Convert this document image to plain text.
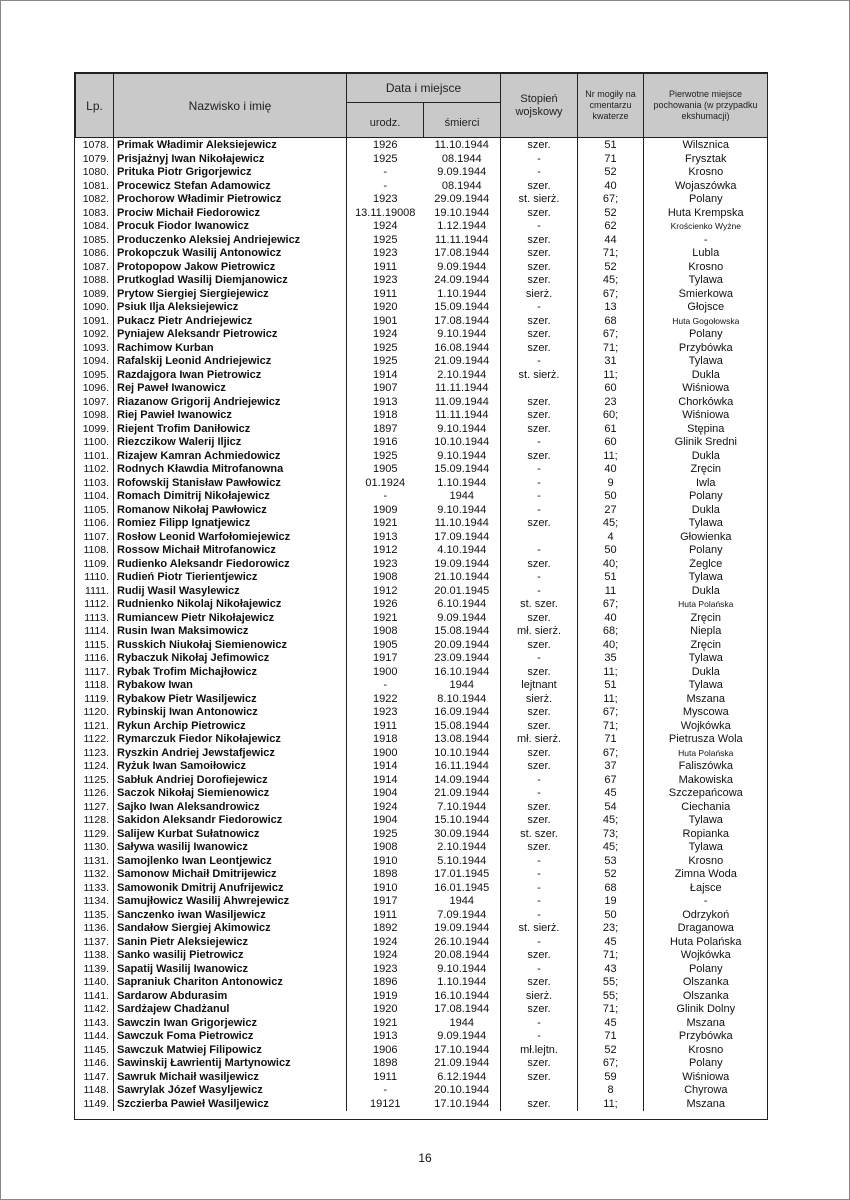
Lp.	Nazwisko i imię	Data i miejsce		Stopień wojskowy	Nr mogiły na cmentarzu kwaterze	Pierwotne miejsce pochowania (w przypadku ekshumacji)
		urodz.	śmierci			
1078.	Primak Władimir Aleksiejewicz	1926	11.10.1944	szer.	51	Wilsznica
1079.	Prisjażnyj Iwan Nikołajewicz	1925	08.1944	-	71	Frysztak
1080.	Prituka Piotr Grigorjewicz	-	9.09.1944	-	52	Krosno
1081.	Procewicz Stefan Adamowicz	-	08.1944	szer.	40	Wojaszówka
1082.	Prochorow Władimir Pietrowicz	1923	29.09.1944	st. sierż.	67;	Polany
1083.	Prociw Michaił Fiedorowicz	13.11.19008	19.10.1944	szer.	52	Huta Krempska
1084.	Procuk Fiodor Iwanowicz	1924	1.12.1944	-	62	Krościenko Wyżne
1085.	Produczenko Aleksiej Andriejewicz	1925	11.11.1944	szer.	44	-
1086.	Prokopczuk Wasilij Antonowicz	1923	17.08.1944	szer.	71;	Lubla
1087.	Protopopow Jakow Pietrowicz	1911	9.09.1944	szer.	52	Krosno
1088.	Prutkoglad Wasilij Diemjanowicz	1923	24.09.1944	szer.	45;	Tylawa
1089.	Prytow Siergiej Siergiejewicz	1911	1.10.1944	sierż.	67;	Śmierkowa
1090.	Psiuk Ilja Aleksiejewicz	1920	15.09.1944	-	13	Głojsce
1091.	Pukacz Pietr Andriejewicz	1901	17.08.1944	szer.	68	Huta Gogołowska
1092.	Pyniajew Aleksandr Pietrowicz	1924	9.10.1944	szer.	67;	Polany
1093.	Rachimow Kurban	1925	16.08.1944	szer.	71;	Przybówka
1094.	Rafalskij Leonid Andriejewicz	1925	21.09.1944	-	31	Tylawa
1095.	Razdajgora Iwan Pietrowicz	1914	2.10.1944	st. sierż.	11;	Dukla
1096.	Rej Paweł Iwanowicz	1907	11.11.1944		60	Wiśniowa
1097.	Riazanow Grigorij Andriejewicz	1913	11.09.1944	szer.	23	Chorkówka
1098.	Riej Pawieł Iwanowicz	1918	11.11.1944	szer.	60;	Wiśniowa
1099.	Riejent Trofim Daniłowicz	1897	9.10.1944	szer.	61	Stępina
1100.	Riezczikow Walerij Iljicz	1916	10.10.1944	-	60	Glinik Sredni
1101.	Rizajew Kamran Achmiedowicz	1925	9.10.1944	szer.	11;	Dukla
1102.	Rodnych Kławdia Mitrofanowna	1905	15.09.1944	-	40	Zręcin
1103.	Rofowskij Stanisław Pawłowicz	01.1924	1.10.1944	-	9	Iwla
1104.	Romach Dimitrij Nikołajewicz	-	1944	-	50	Polany
1105.	Romanow Nikołaj Pawłowicz	1909	9.10.1944	-	27	Dukla
1106.	Romiez Filipp Ignatjewicz	1921	11.10.1944	szer.	45;	Tylawa
1107.	Rosłow Leonid Warfołomiejewicz	1913	17.09.1944		4	Głowienka
1108.	Rossow Michaił Mitrofanowicz	1912	4.10.1944	-	50	Polany
1109.	Rudienko Aleksandr Fiedorowicz	1923	19.09.1944	szer.	40;	Żeglce
1110.	Rudień Piotr Tierientjewicz	1908	21.10.1944	-	51	Tylawa
1111.	Rudij Wasil Wasylewicz	1912	20.01.1945	-	11	Dukla
1112.	Rudnienko Nikolaj Nikołajewicz	1926	6.10.1944	st. szer.	67;	Huta Polańska
1113.	Rumiancew Pietr Nikołajewicz	1921	9.09.1944	szer.	40	Zręcin
1114.	Rusin Iwan Maksimowicz	1908	15.08.1944	mł. sierż.	68;	Niepla
1115.	Russkich Niukołaj Siemienowicz	1905	20.09.1944	szer.	40;	Zręcin
1116.	Rybaczuk Nikołaj Jefimowicz	1917	23.09.1944	-	35	Tylawa
1117.	Rybak Trofim Michajłowicz	1900	16.10.1944	szer.	11;	Dukla
1118.	Rybakow Iwan	-	1944	lejtnant	51	Tylawa
1119.	Rybakow Pietr Wasiljewicz	1922	8.10.1944	sierż.	11;	Mszana
1120.	Rybinskij Iwan Antonowicz	1923	16.09.1944	szer.	67;	Myscowa
1121.	Rykun Archip Pietrowicz	1911	15.08.1944	szer.	71;	Wojkówka
1122.	Rymarczuk Fiedor Nikołajewicz	1918	13.08.1944	mł. sierż.	71	Pietrusza Wola
1123.	Ryszkin Andriej Jewstafjewicz	1900	10.10.1944	szer.	67;	Huta Polańska
1124.	Ryżuk Iwan Samoiłowicz	1914	16.11.1944	szer.	37	Faliszówka
1125.	Sabłuk Andriej Dorofiejewicz	1914	14.09.1944	-	67	Makowiska
1126.	Saczok Nikołaj Siemienowicz	1904	21.09.1944	-	45	Szczepańcowa
1127.	Sajko Iwan Aleksandrowicz	1924	7.10.1944	szer.	54	Ciechania
1128.	Sakidon Aleksandr Fiedorowicz	1904	15.10.1944	szer.	45;	Tylawa
1129.	Salijew Kurbat Sułatnowicz	1925	30.09.1944	st. szer.	73;	Ropianka
1130.	Saływa wasilij Iwanowicz	1908	2.10.1944	szer.	45;	Tylawa
1131.	Samojlenko Iwan Leontjewicz	1910	5.10.1944	-	53	Krosno
1132.	Samonow Michaił Dmitrijewicz	1898	17.01.1945	-	52	Zimna Woda
1133.	Samowonik Dmitrij Anufrijewicz	1910	16.01.1945	-	68	Łajsce
1134.	Samujłowicz Wasilij Ahwrejewicz	1917	1944	-	19	-
1135.	Sanczenko iwan Wasiljewicz	1911	7.09.1944	-	50	Odrzykoń
1136.	Sandałow Siergiej Akimowicz	1892	19.09.1944	st. sierż.	23;	Draganowa
1137.	Sanin Pietr Aleksiejewicz	1924	26.10.1944	-	45	Huta Polańska
1138.	Sanko wasilij Pietrowicz	1924	20.08.1944	szer.	71;	Wojkówka
1139.	Sapatij Wasilij Iwanowicz	1923	9.10.1944	-	43	Polany
1140.	Sapraniuk Chariton Antonowicz	1896	1.10.1944	szer.	55;	Olszanka
1141.	Sardarow Abdurasim	1919	16.10.1944	sierż.	55;	Olszanka
1142.	Sardżajew Chadżanul	1920	17.08.1944	szer.	71;	Glinik Dolny
1143.	Sawczin Iwan Grigorjewicz	1921	1944	-	45	Mszana
1144.	Sawczuk Foma Pietrowicz	1913	9.09.1944	-	71	Przybówka
1145.	Sawczuk Matwiej Filipowicz	1906	17.10.1944	mł.lejtn.	52	Krosno
1146.	Sawinskij Ławrientij Martynowicz	1898	21.09.1944	szer.	67;	Polany
1147.	Sawruk Michaił wasiljewicz	1911	6.12.1944	szer.	59	Wiśniowa
1148.	Sawrylak Józef Wasyljewicz	-	20.10.1944		8	Chyrowa
1149.	Szczierba Pawieł Wasiljewicz	19121	17.10.1944	szer.	11;	Mszana
16
